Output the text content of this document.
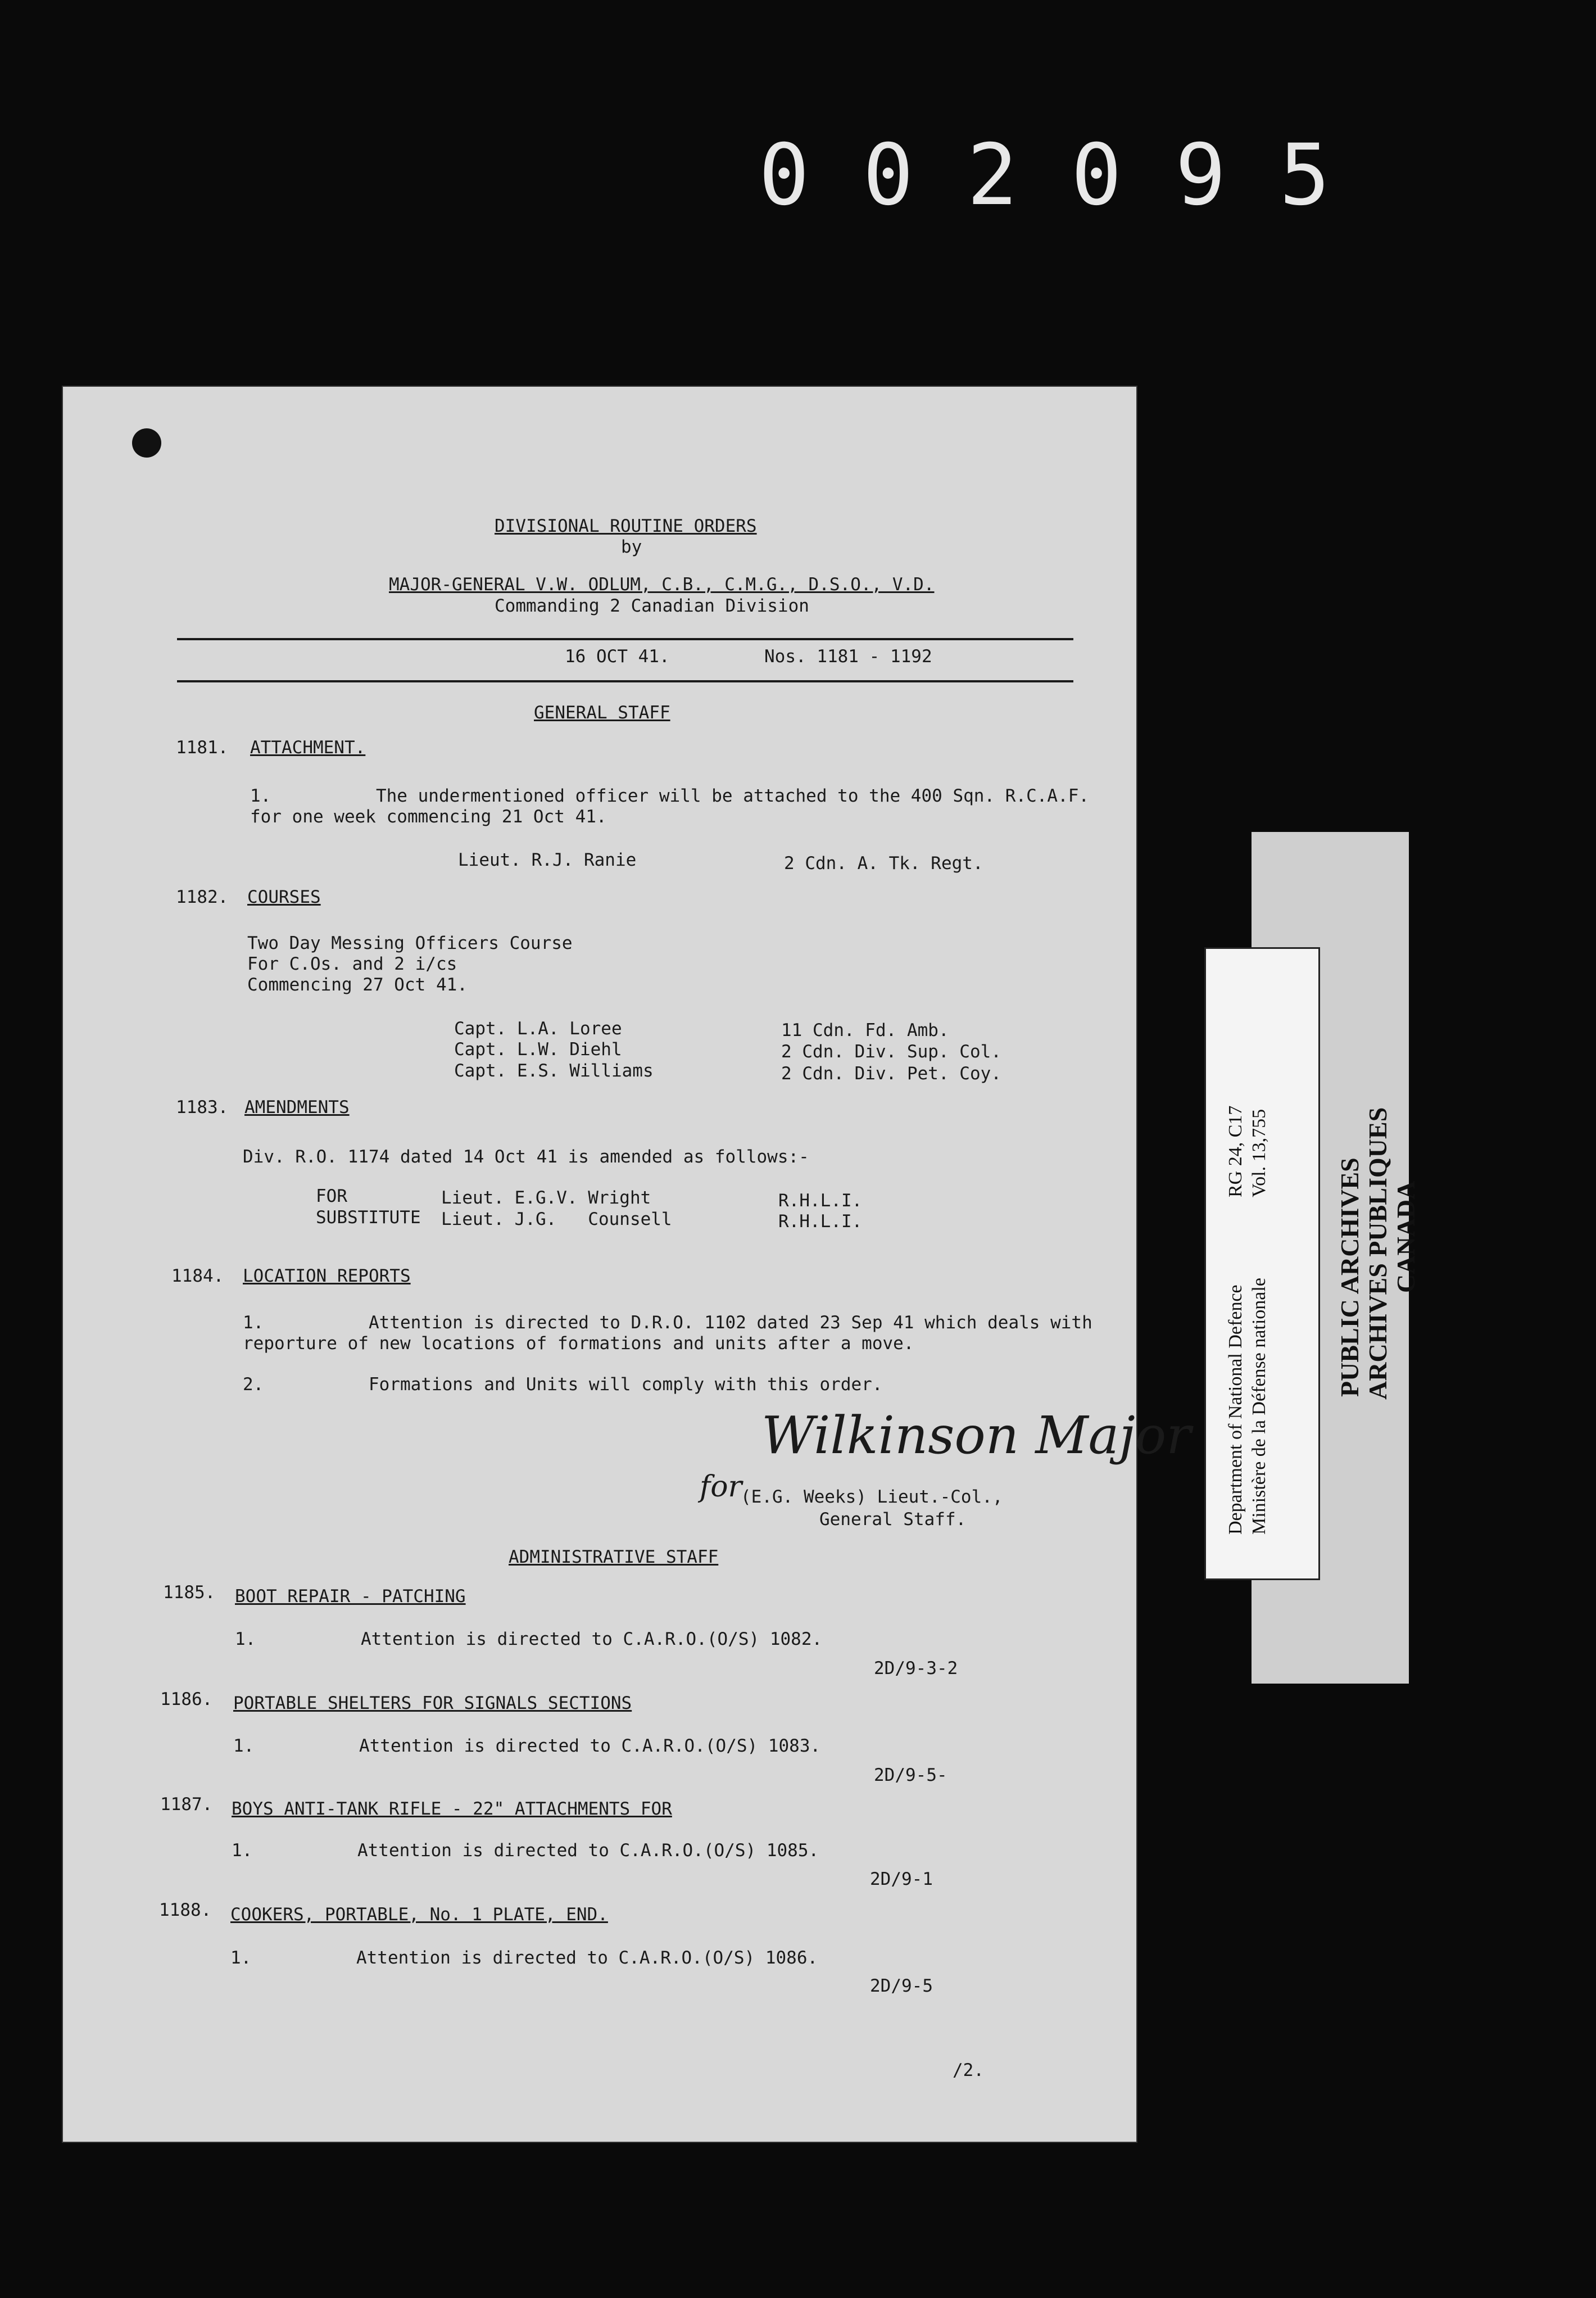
002095
DIVISIONAL ROUTINE ORDERS
by
MAJOR-GENERAL V.W. ODLUM, C.B., C.M.G., D.S.O., V.D.
Commanding 2 Canadian Division
16 OCT 41.	Nos. 1181 - 1192
GENERAL STAFF
1181. ATTACHMENT.
1.          The undermentioned officer will be attached to the 400 Sqn. R.C.A.F.
for one week commencing 21 Oct 41.
Lieut. R.J. Ranie	2 Cdn. A. Tk. Regt.
1182. COURSES
Two Day Messing Officers Course
For C.Os. and 2 i/cs
Commencing 27 Oct 41.
Capt. L.A. Loree	11 Cdn. Fd. Amb.
Capt. L.W. Diehl	2 Cdn. Div. Sup. Col.
Capt. E.S. Williams	2 Cdn. Div. Pet. Coy.
1183. AMENDMENTS
Div. R.O. 1174 dated 14 Oct 41 is amended as follows:-
FOR	Lieut. E.G.V. Wright	R.H.L.I.
SUBSTITUTE Lieut. J.G.   Counsell	R.H.L.I.
1184. LOCATION REPORTS
1.          Attention is directed to D.R.O. 1102 dated 23 Sep 41 which deals with
reporture of new locations of formations and units after a move.
2.          Formations and Units will comply with this order.
Wilkinson Major
for
(E.G. Weeks) Lieut.-Col.,
General Staff.
ADMINISTRATIVE STAFF
1185. BOOT REPAIR - PATCHING
1.          Attention is directed to C.A.R.O.(O/S) 1082.
2D/9-3-2
1186. PORTABLE SHELTERS FOR SIGNALS SECTIONS
1.          Attention is directed to C.A.R.O.(O/S) 1083.
2D/9-5-
1187. BOYS ANTI-TANK RIFLE - 22" ATTACHMENTS FOR
1.          Attention is directed to C.A.R.O.(O/S) 1085.
2D/9-1
1188. COOKERS, PORTABLE, No. 1 PLATE, END.
1.          Attention is directed to C.A.R.O.(O/S) 1086.
2D/9-5
/2.
PUBLIC ARCHIVES ARCHIVES PUBLIQUES CANADA
Department of National Defence Ministère de la Défense nationale
RG 24, C17 Vol. 13,755
